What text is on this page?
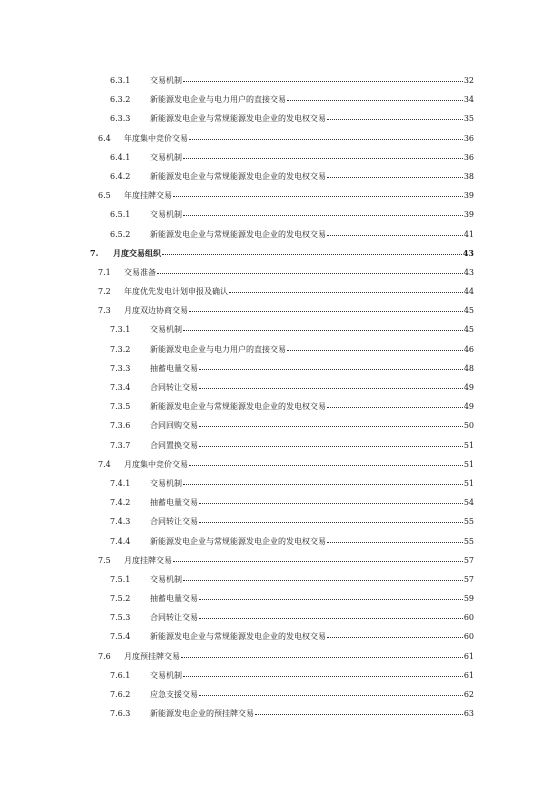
6.3.1 交易机制	32
6.3.2 新能源发电企业与电力用户的直接交易	34
6.3.3 新能源发电企业与常规能源发电企业的发电权交易	35
6.4 年度集中竞价交易	36
6.4.1 交易机制	36
6.4.2 新能源发电企业与常规能源发电企业的发电权交易	38
6.5 年度挂牌交易	39
6.5.1 交易机制	39
6.5.2 新能源发电企业与常规能源发电企业的发电权交易	41
7. 月度交易组织	43
7.1 交易准备	43
7.2 年度优先发电计划申报及确认	44
7.3 月度双边协商交易	45
7.3.1 交易机制	45
7.3.2 新能源发电企业与电力用户的直接交易	46
7.3.3 抽蓄电量交易	48
7.3.4 合同转让交易	49
7.3.5 新能源发电企业与常规能源发电企业的发电权交易	49
7.3.6 合同回购交易	50
7.3.7 合同置换交易	51
7.4 月度集中竞价交易	51
7.4.1 交易机制	51
7.4.2 抽蓄电量交易	54
7.4.3 合同转让交易	55
7.4.4 新能源发电企业与常规能源发电企业的发电权交易	55
7.5 月度挂牌交易	57
7.5.1 交易机制	57
7.5.2 抽蓄电量交易	59
7.5.3 合同转让交易	60
7.5.4 新能源发电企业与常规能源发电企业的发电权交易	60
7.6 月度预挂牌交易	61
7.6.1 交易机制	61
7.6.2 应急支援交易	62
7.6.3 新能源发电企业的预挂牌交易	63
